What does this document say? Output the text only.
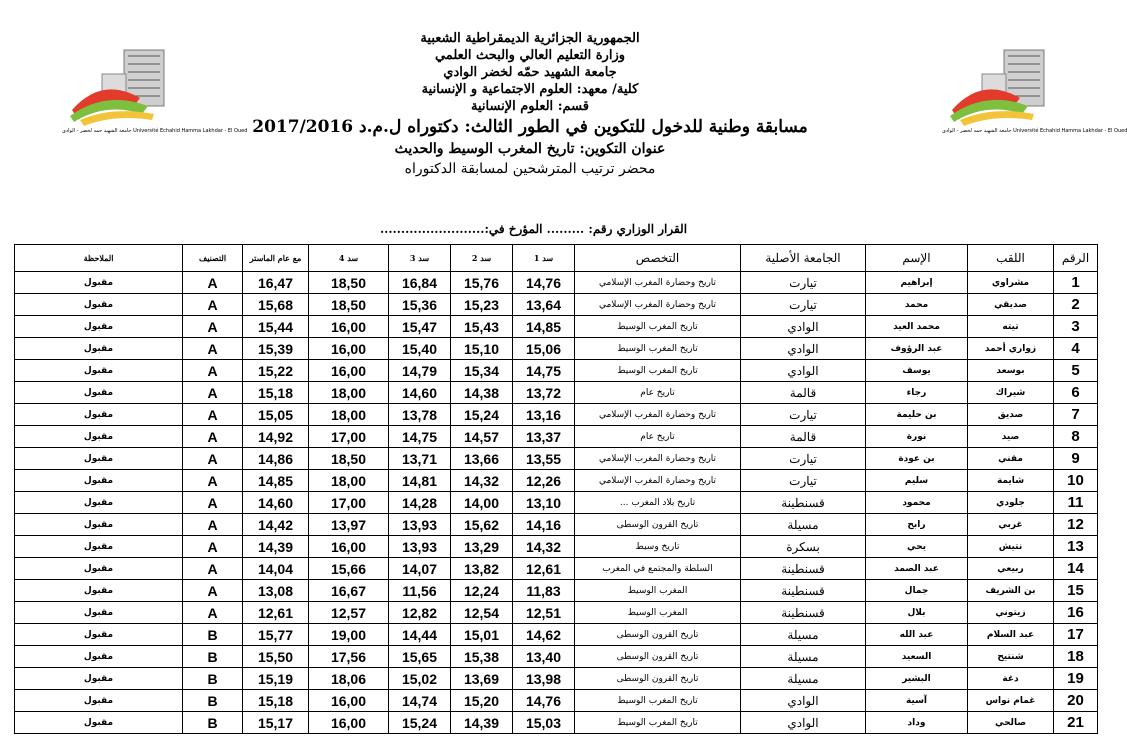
جامعة الشهيد حمه لخضر - الوادي Université Echahid Hamma Lakhdar - El Oued	جامعة الشهيد حمه لخضر - الوادي Université Echahid Hamma Lakhdar - El Oued
الجمهورية الجزائرية الديمقراطية الشعبية
وزارة التعليم العالي والبحث العلمي
جامعة الشهيد حمّه لخضر الوادي
كلية/ معهد: العلوم الاجتماعية و الإنسانية
قسم: العلوم الإنسانية
مسابقة وطنية للدخول للتكوين في الطور الثالث: دكتوراه ل.م.د 2017/2016
عنوان التكوين: تاريخ المغرب الوسيط والحديث
محضر ترتيب المترشحين لمسابقة الدكتوراه
القرار الوزاري رقم: ......... المؤرخ في:.........................
الرقم	اللقب	الإسم	الجامعة الأصلية	التخصص	سد 1	سد 2	سد 3	سد 4	مع عام الماستر	التصنيف	الملاحظة
1	مشراوي	إبراهيم	تيارت	تاريخ وحضارة المغرب الإسلامي	14,76	15,76	16,84	18,50	16,47	A	مقبول
2	صديقي	محمد	تيارت	تاريخ وحضارة المغرب الإسلامي	13,64	15,23	15,36	18,50	15,68	A	مقبول
3	تيته	محمد العيد	الوادي	تاريخ المغرب الوسيط	14,85	15,43	15,47	16,00	15,44	A	مقبول
4	زواري أحمد	عبد الرؤوف	الوادي	تاريخ المغرب الوسيط	15,06	15,10	15,40	16,00	15,39	A	مقبول
5	بوسعد	يوسف	الوادي	تاريخ المغرب الوسيط	14,75	15,34	14,79	16,00	15,22	A	مقبول
6	شيراك	رجاء	قالمة	تاريخ عام	13,72	14,38	14,60	18,00	15,18	A	مقبول
7	صديق	بن حليمة	تيارت	تاريخ وحضارة المغرب الإسلامي	13,16	15,24	13,78	18,00	15,05	A	مقبول
8	صيد	نورة	قالمة	تاريخ عام	13,37	14,57	14,75	17,00	14,92	A	مقبول
9	مقني	بن عودة	تيارت	تاريخ وحضارة المغرب الإسلامي	13,55	13,66	13,71	18,50	14,86	A	مقبول
10	شايمة	سليم	تيارت	تاريخ وحضارة المغرب الإسلامي	12,26	14,32	14,81	18,00	14,85	A	مقبول
11	جلودي	محمود	قسنطينة	تاريخ بلاد المغرب ...	13,10	14,00	14,28	17,00	14,60	A	مقبول
12	غربي	رابح	مسيلة	تاريخ القرون الوسطى	14,16	15,62	13,93	13,97	14,42	A	مقبول
13	نتيش	يحي	بسكرة	تاريخ وسيط	14,32	13,29	13,93	16,00	14,39	A	مقبول
14	ربيعي	عبد الصمد	قسنطينة	السلطة والمجتمع في المغرب	12,61	13,82	14,07	15,66	14,04	A	مقبول
15	بن الشريف	جمال	قسنطينة	المغرب الوسيط	11,83	12,24	11,56	16,67	13,08	A	مقبول
16	زيتوني	بلال	قسنطينة	المغرب الوسيط	12,51	12,54	12,82	12,57	12,61	A	مقبول
17	عبد السلام	عبد الله	مسيلة	تاريخ القرون الوسطى	14,62	15,01	14,44	19,00	15,77	B	مقبول
18	شنتيح	السعيد	مسيلة	تاريخ القرون الوسطى	13,40	15,38	15,65	17,56	15,50	B	مقبول
19	دغة	البشير	مسيلة	تاريخ القرون الوسطى	13,98	13,69	15,02	18,06	15,19	B	مقبول
20	غمام نواس	آسية	الوادي	تاريخ المغرب الوسيط	14,76	15,20	14,74	16,00	15,18	B	مقبول
21	صالحي	وداد	الوادي	تاريخ المغرب الوسيط	15,03	14,39	15,24	16,00	15,17	B	مقبول
